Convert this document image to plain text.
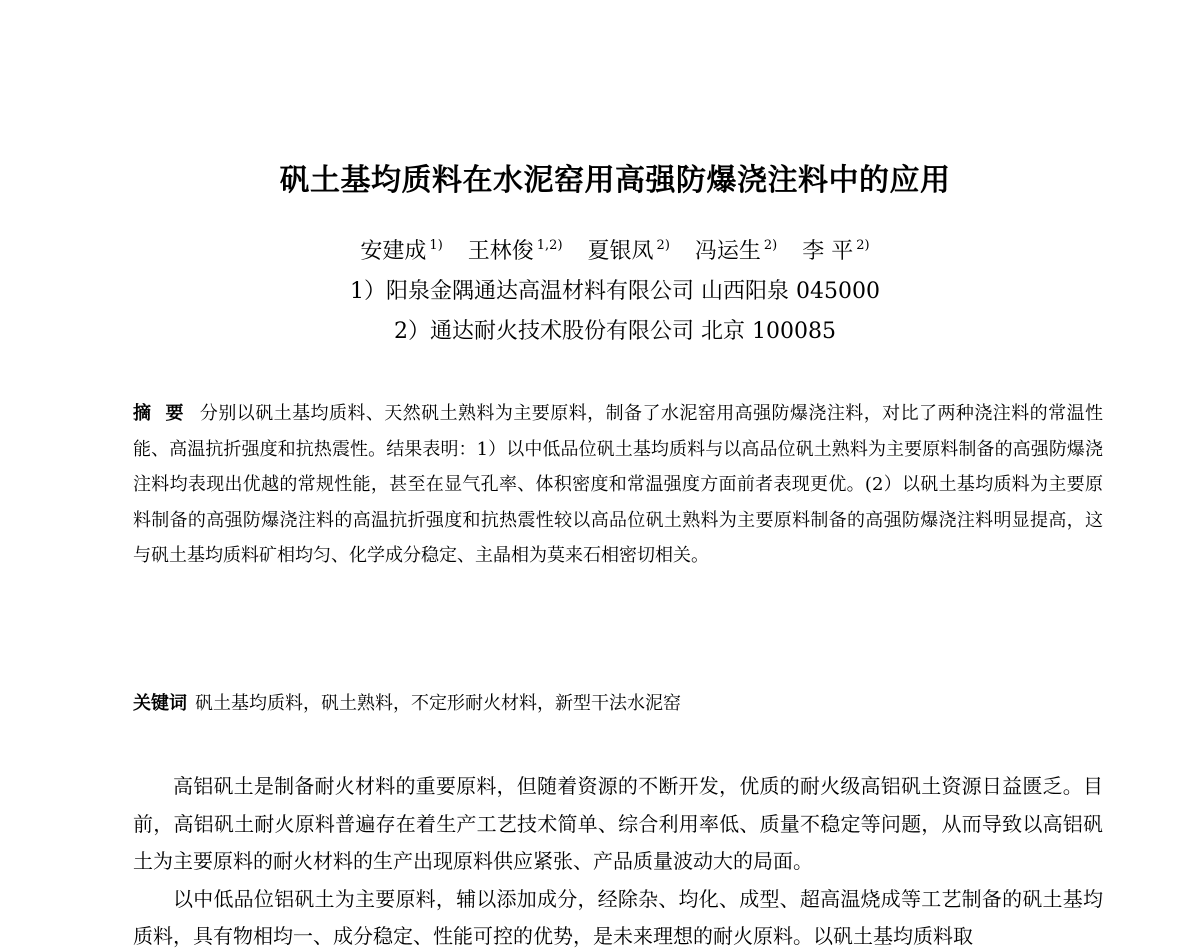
矾土基均质料在水泥窑用高强防爆浇注料中的应用
安建成 $^{1)}$ 王林俊 $^{1,2)}$ 夏银凤 $^{2)}$ 冯运生 $^{2)}$ 李 平 $^{2)}$
1）阳泉金隅通达高温材料有限公司 山西阳泉 045000
2）通达耐火技术股份有限公司 北京 100085
摘要 分别以矾土基均质料、天然矾土熟料为主要原料，制备了水泥窑用高强防爆浇注料，对比了两种浇注料的常温性能、高温抗折强度和抗热震性。结果表明：1）以中低品位矾土基均质料与以高品位矾土熟料为主要原料制备的高强防爆浇注料均表现出优越的常规性能，甚至在显气孔率、体积密度和常温强度方面前者表现更优。(2）以矾土基均质料为主要原料制备的高强防爆浇注料的高温抗折强度和抗热震性较以高品位矾土熟料为主要原料制备的高强防爆浇注料明显提高，这与矾土基均质料矿相均匀、化学成分稳定、主晶相为莫来石相密切相关。
关键词 矾土基均质料，矾土熟料，不定形耐火材料，新型干法水泥窑

高铝矾土是制备耐火材料的重要原料，但随着资源的不断开发，优质的耐火级高铝矾土资源日益匮乏。目前，高铝矾土耐火原料普遍存在着生产工艺技术简单、综合利用率低、质量不稳定等问题，从而导致以高铝矾土为主要原料的耐火材料的生产出现原料供应紧张、产品质量波动大的局面。

以中低品位铝矾土为主要原料，辅以添加成分，经除杂、均化、成型、超高温烧成等工艺制备的矾土基均质料，具有物相均一、成分稳定、性能可控的优势，是未来理想的耐火原料。以矾土基均质料取
